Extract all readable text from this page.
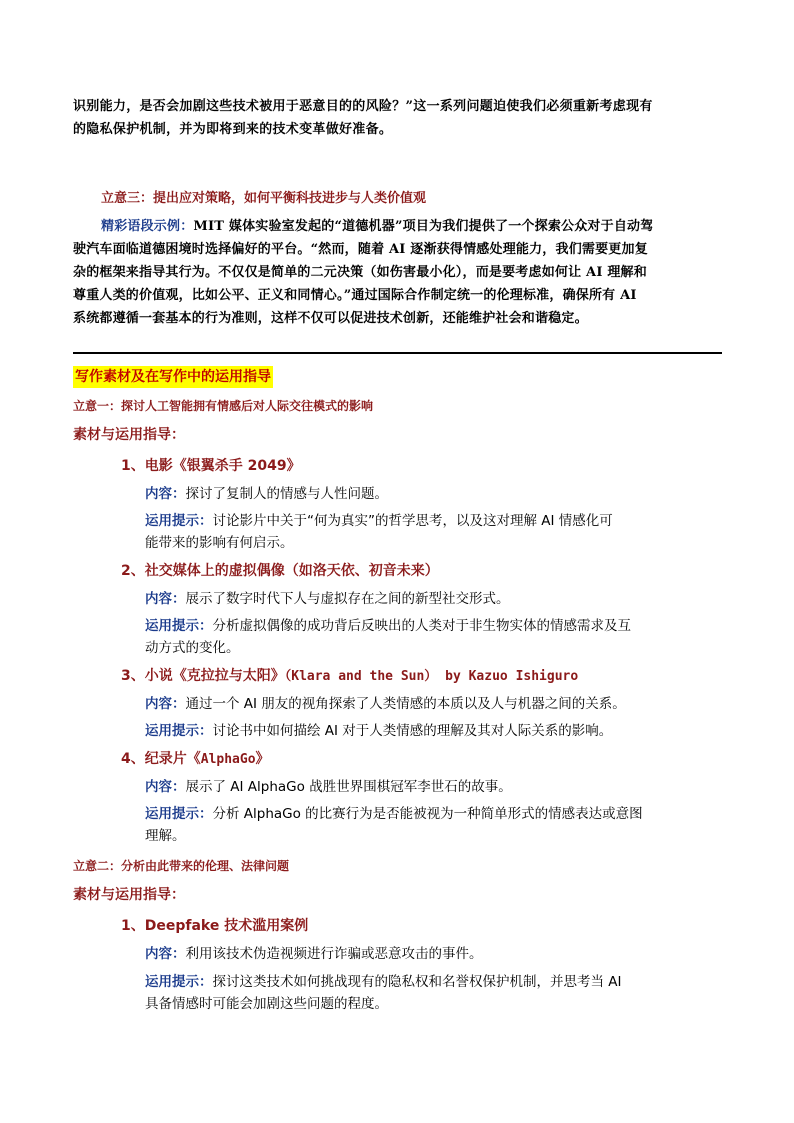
识别能力，是否会加剧这些技术被用于恶意目的的风险？”这一系列问题迫使我们必须重新考虑现有
的隐私保护机制，并为即将到来的技术变革做好准备。
立意三：提出应对策略，如何平衡科技进步与人类价值观
精彩语段示例：MIT 媒体实验室发起的“道德机器”项目为我们提供了一个探索公众对于自动驾
驶汽车面临道德困境时选择偏好的平台。“然而，随着 AI 逐渐获得情感处理能力，我们需要更加复
杂的框架来指导其行为。不仅仅是简单的二元决策（如伤害最小化），而是要考虑如何让 AI 理解和
尊重人类的价值观，比如公平、正义和同情心。”通过国际合作制定统一的伦理标准，确保所有 AI
系统都遵循一套基本的行为准则，这样不仅可以促进技术创新，还能维护社会和谐稳定。
写作素材及在写作中的运用指导
立意一：探讨人工智能拥有情感后对人际交往模式的影响
素材与运用指导：
1、电影《银翼杀手 2049》
内容：探讨了复制人的情感与人性问题。
运用提示：讨论影片中关于“何为真实”的哲学思考，以及这对理解 AI 情感化可
能带来的影响有何启示。
2、社交媒体上的虚拟偶像（如洛天依、初音未来）
内容：展示了数字时代下人与虚拟存在之间的新型社交形式。
运用提示：分析虚拟偶像的成功背后反映出的人类对于非生物实体的情感需求及互
动方式的变化。
3、小说《克拉拉与太阳》（Klara and the Sun） by Kazuo Ishiguro
内容：通过一个 AI 朋友的视角探索了人类情感的本质以及人与机器之间的关系。
运用提示：讨论书中如何描绘 AI 对于人类情感的理解及其对人际关系的影响。
4、纪录片《AlphaGo》
内容：展示了 AI AlphaGo 战胜世界围棋冠军李世石的故事。
运用提示：分析 AlphaGo 的比赛行为是否能被视为一种简单形式的情感表达或意图
理解。
立意二：分析由此带来的伦理、法律问题
素材与运用指导：
1、Deepfake 技术滥用案例
内容：利用该技术伪造视频进行诈骗或恶意攻击的事件。
运用提示：探讨这类技术如何挑战现有的隐私权和名誉权保护机制，并思考当 AI
具备情感时可能会加剧这些问题的程度。
